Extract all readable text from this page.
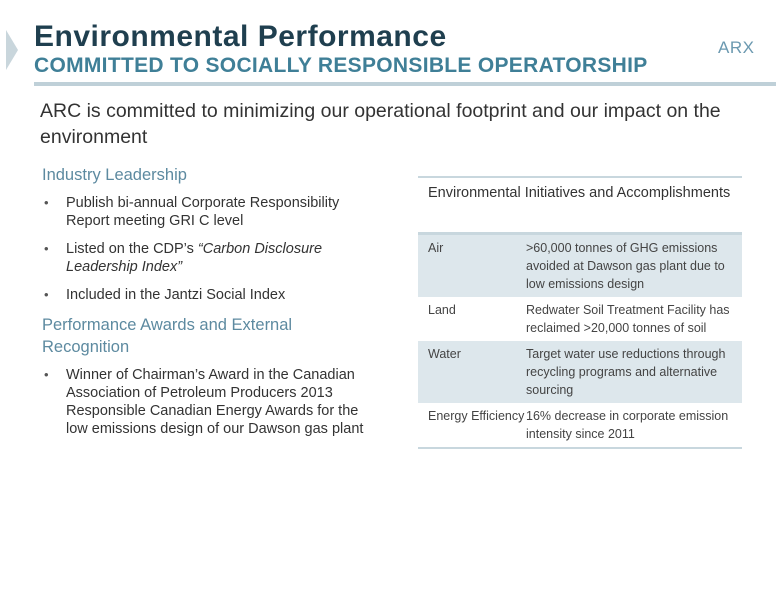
Environmental Performance
COMMITTED TO SOCIALLY RESPONSIBLE OPERATORSHIP
ARX
ARC is committed to minimizing our operational footprint and our impact on the environment
Industry Leadership
• Publish bi-annual Corporate Responsibility Report meeting GRI C level
• Listed on the CDP’s “Carbon Disclosure Leadership Index”
• Included in the Jantzi Social Index
Performance Awards and External Recognition
• Winner of Chairman’s Award in the Canadian Association of Petroleum Producers 2013 Responsible Canadian Energy Awards for the low emissions design of our Dawson gas plant
Environmental Initiatives and Accomplishments
Air	>60,000 tonnes of GHG emissions avoided at Dawson gas plant due to low emissions design
Land	Redwater Soil Treatment Facility has reclaimed >20,000 tonnes of soil
Water	Target water use reductions through recycling programs and alternative sourcing
Energy Efficiency 16% decrease in corporate emission intensity since 2011
